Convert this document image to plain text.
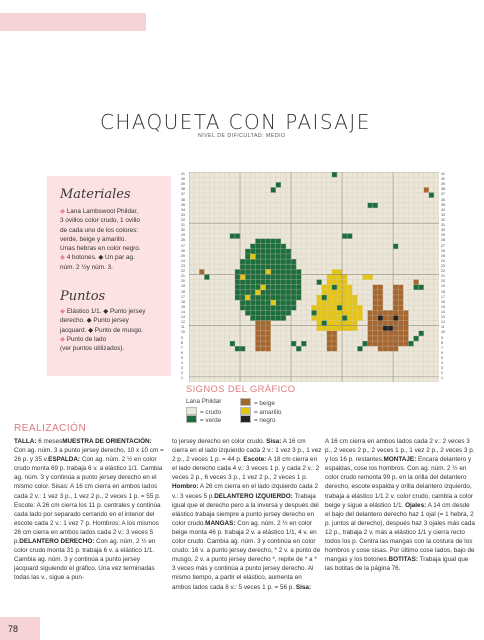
CHAQUETA CON PAISAJE
NIVEL DE DIFICULTAD: MEDIO
Materiales
◆ Lana Lambswool Phildar,
3 ovillos color crudo, 1 ovillo
de cada uno de los colores:
verde, beige y amarillo.
Unas hebras en color negro.
◆ 4 botones. ◆ Un par ag.
núm. 2 ½y núm. 3.
Puntos
◆ Elástico 1/1. ◆ Punto jersey
derecho. ◆ Punto jersey
jacquard. ◆ Punto de musgo.
◆ Punto de lado
(ver puntos utilizados).
41
40
39
38
37
36
35
34
33
32
31
30
29
28
27
26
25
24
23
22
21
20
19
18
17
16
15
14
13
12
11
10
9
8
7
6
5
4
3
2
1
41
40
39
38
37
36
35
34
33
32
31
30
29
28
27
26
25
24
23
22
21
20
19
18
17
16
15
14
13
12
11
10
9
8
7
6
5
4
3
2
1
SIGNOS DEL GRÁFICO
Lana Phildar
= crudo
= verde
= beige
= amarillo
= negro
REALIZACIÓN

TALLA: 6 mesesMUESTRA DE ORIENTACIÓN: Con ag. núm. 3 a punto jersey derecho, 10 x 10 cm = 26 p. y 35 v.ESPALDA: Con ag. núm. 2 ½ en color crudo monta 69 p. trabaja 6 v. a elástico 1/1. Cambia ag. núm. 3 y continúa a punto jersey derecho en el mismo color. Sisas: A 16 cm cierra en ambos lados cada 2 v.: 1 vez 3 p., 1 vez 2 p., 2 veces 1 p. = 55 p. Escote: A 26 cm cierra los 11 p. centrales y continúa cada lado por separado cerrando en el interior del escote cada 2 v.: 1 vez 7 p. Hombros: A los mismos 26 cm cierra en ambos lados cada 2 v.: 3 veces 5 p.DELANTERO DERECHO: Con ag. núm. 2 ½ en color crudo monta 31 p. trabaja 6 v. a elástico 1/1. Cambia ag. núm. 3 y continúa a punto jersey jacquard siguiendo el gráfico. Una vez terminadas todas las v., sigue a pun-

to jersey derecho en color crudo. Sisa: A 16 cm cierra en el lado izquierdo cada 2 v.: 1 vez 3 p., 1 vez 2 p., 2 veces 1 p. = 44 p. Escote: A 18 cm cierra en el lado derecho cada 4 v.: 3 veces 1 p. y cada 2 v.: 2 veces 2 p., 6 veces 3 p., 1 vez 2 p., 2 veces 1 p. Hombro: A 26 cm cierra en el lado izquierdo cada 2 v.: 3 veces 5 p.DELANTERO IZQUIERDO: Trabaja igual que el derecho pero a la inversa y después del elástico trabaja siempre a punto jersey derecho en color crudo.MANGAS: Con ag. núm. 2 ½ en color beige monta 46 p. trabaja 2 v. a elástico 1/1, 4 v. en color crudo. Cambia ag. núm. 3 y continúa en color crudo: 16 v. a punto jersey derecho, * 2 v. a punto de musgo, 2 v. a punto jersey derecho *, repite de * a * 3 veces más y continúa a punto jersey derecho. Al mismo tiempo, a partir el elástico, aumenta en ambos lados cada 8 v.: 5 veces 1 p. = 56 p. Sisa:

A 16 cm cierra en ambos lados cada 2 v.: 2 veces 3 p., 2 veces 2 p., 2 veces 1 p., 1 vez 2 p., 2 veces 3 p. y los 16 p. restantes.MONTAJE: Encara delantero y espaldas, cose los hombros. Con ag. núm. 2 ½ en color crudo remonta 99 p. en la orilla del delantero derecho, escote espalda y orilla delantero izquierdo, trabaja a elástico 1/1 2 v. color crudo, cambia a color beige y sigue a elástico 1/1. Ojales: A 14 cm desde el bajo del delantero derecho haz 1 ojal (= 1 hebra, 2 p. juntos al derecho), después haz 3 ojales más cada 12 p., trabaja 2 v. más a elástico 1/1 y cierra recto todos los p. Centra las mangas con la costura de los hombros y cose sisas. Por último cose lados, bajo de mangas y los botones.BOTITAS: Trabaja igual que las botitas de la página 76.

78
